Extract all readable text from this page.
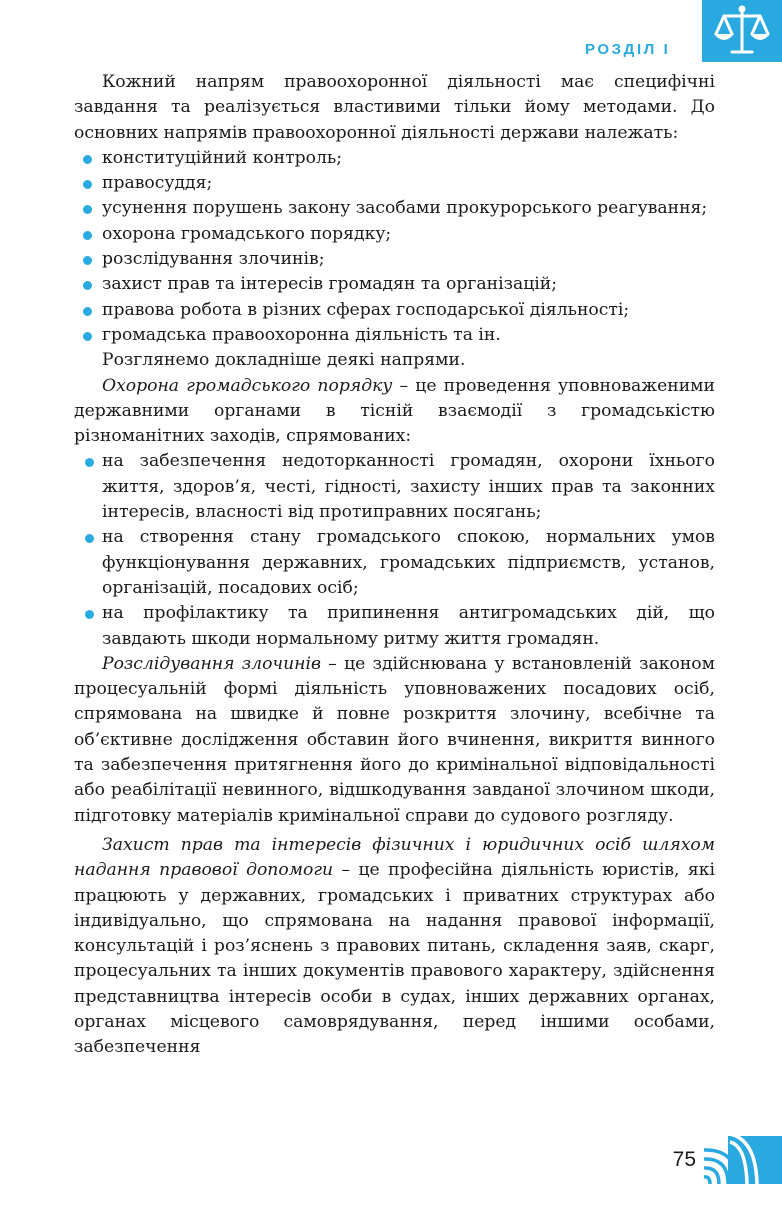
РОЗДІЛ І

Кожний напрям правоохоронної діяльності має специфічні завдання та реалізується властивими тільки йому методами. До основних напрямів правоохоронної діяльності держави належать:

конституційний контроль;
правосуддя;
усунення порушень закону засобами прокурорського реагування;
охорона громадського порядку;
розслідування злочинів;
захист прав та інтересів громадян та організацій;
правова робота в різних сферах господарської діяльності;
громадська правоохоронна діяльність та ін.

Розглянемо докладніше деякі напрями.

Охорона громадського порядку – це проведення уповноваженими державними органами в тісній взаємодії з громадськістю різноманітних заходів, спрямованих:

на забезпечення недоторканності громадян, охорони їхнього життя, здоров’я, честі, гідності, захисту інших прав та законних інтересів, власності від протиправних посягань;
на створення стану громадського спокою, нормальних умов функціонування державних, громадських підприємств, установ, організацій, посадових осіб;
на профілактику та припинення антигромадських дій, що завдають шкоди нормальному ритму життя громадян.

Розслідування злочинів – це здійснювана у встановленій законом процесуальній формі діяльність уповноважених посадових осіб, спрямована на швидке й повне розкриття злочину, всебічне та об’єктивне дослідження обставин його вчинення, викриття винного та забезпечення притягнення його до кримінальної відповідальності або реабілітації невинного, відшкодування завданої злочином шкоди, підготовку матеріалів кримінальної справи до судового розгляду.

Захист прав та інтересів фізичних і юридичних осіб шляхом надання правової допомоги – це професійна діяльність юристів, які працюють у державних, громадських і приватних структурах або індивідуально, що спрямована на надання правової інформації, консультацій і роз’яснень з правових питань, складення заяв, скарг, процесуальних та інших документів правового характеру, здійснення представництва інтересів особи в судах, інших державних органах, органах місцевого самоврядування, перед іншими особами, забезпечення

75
